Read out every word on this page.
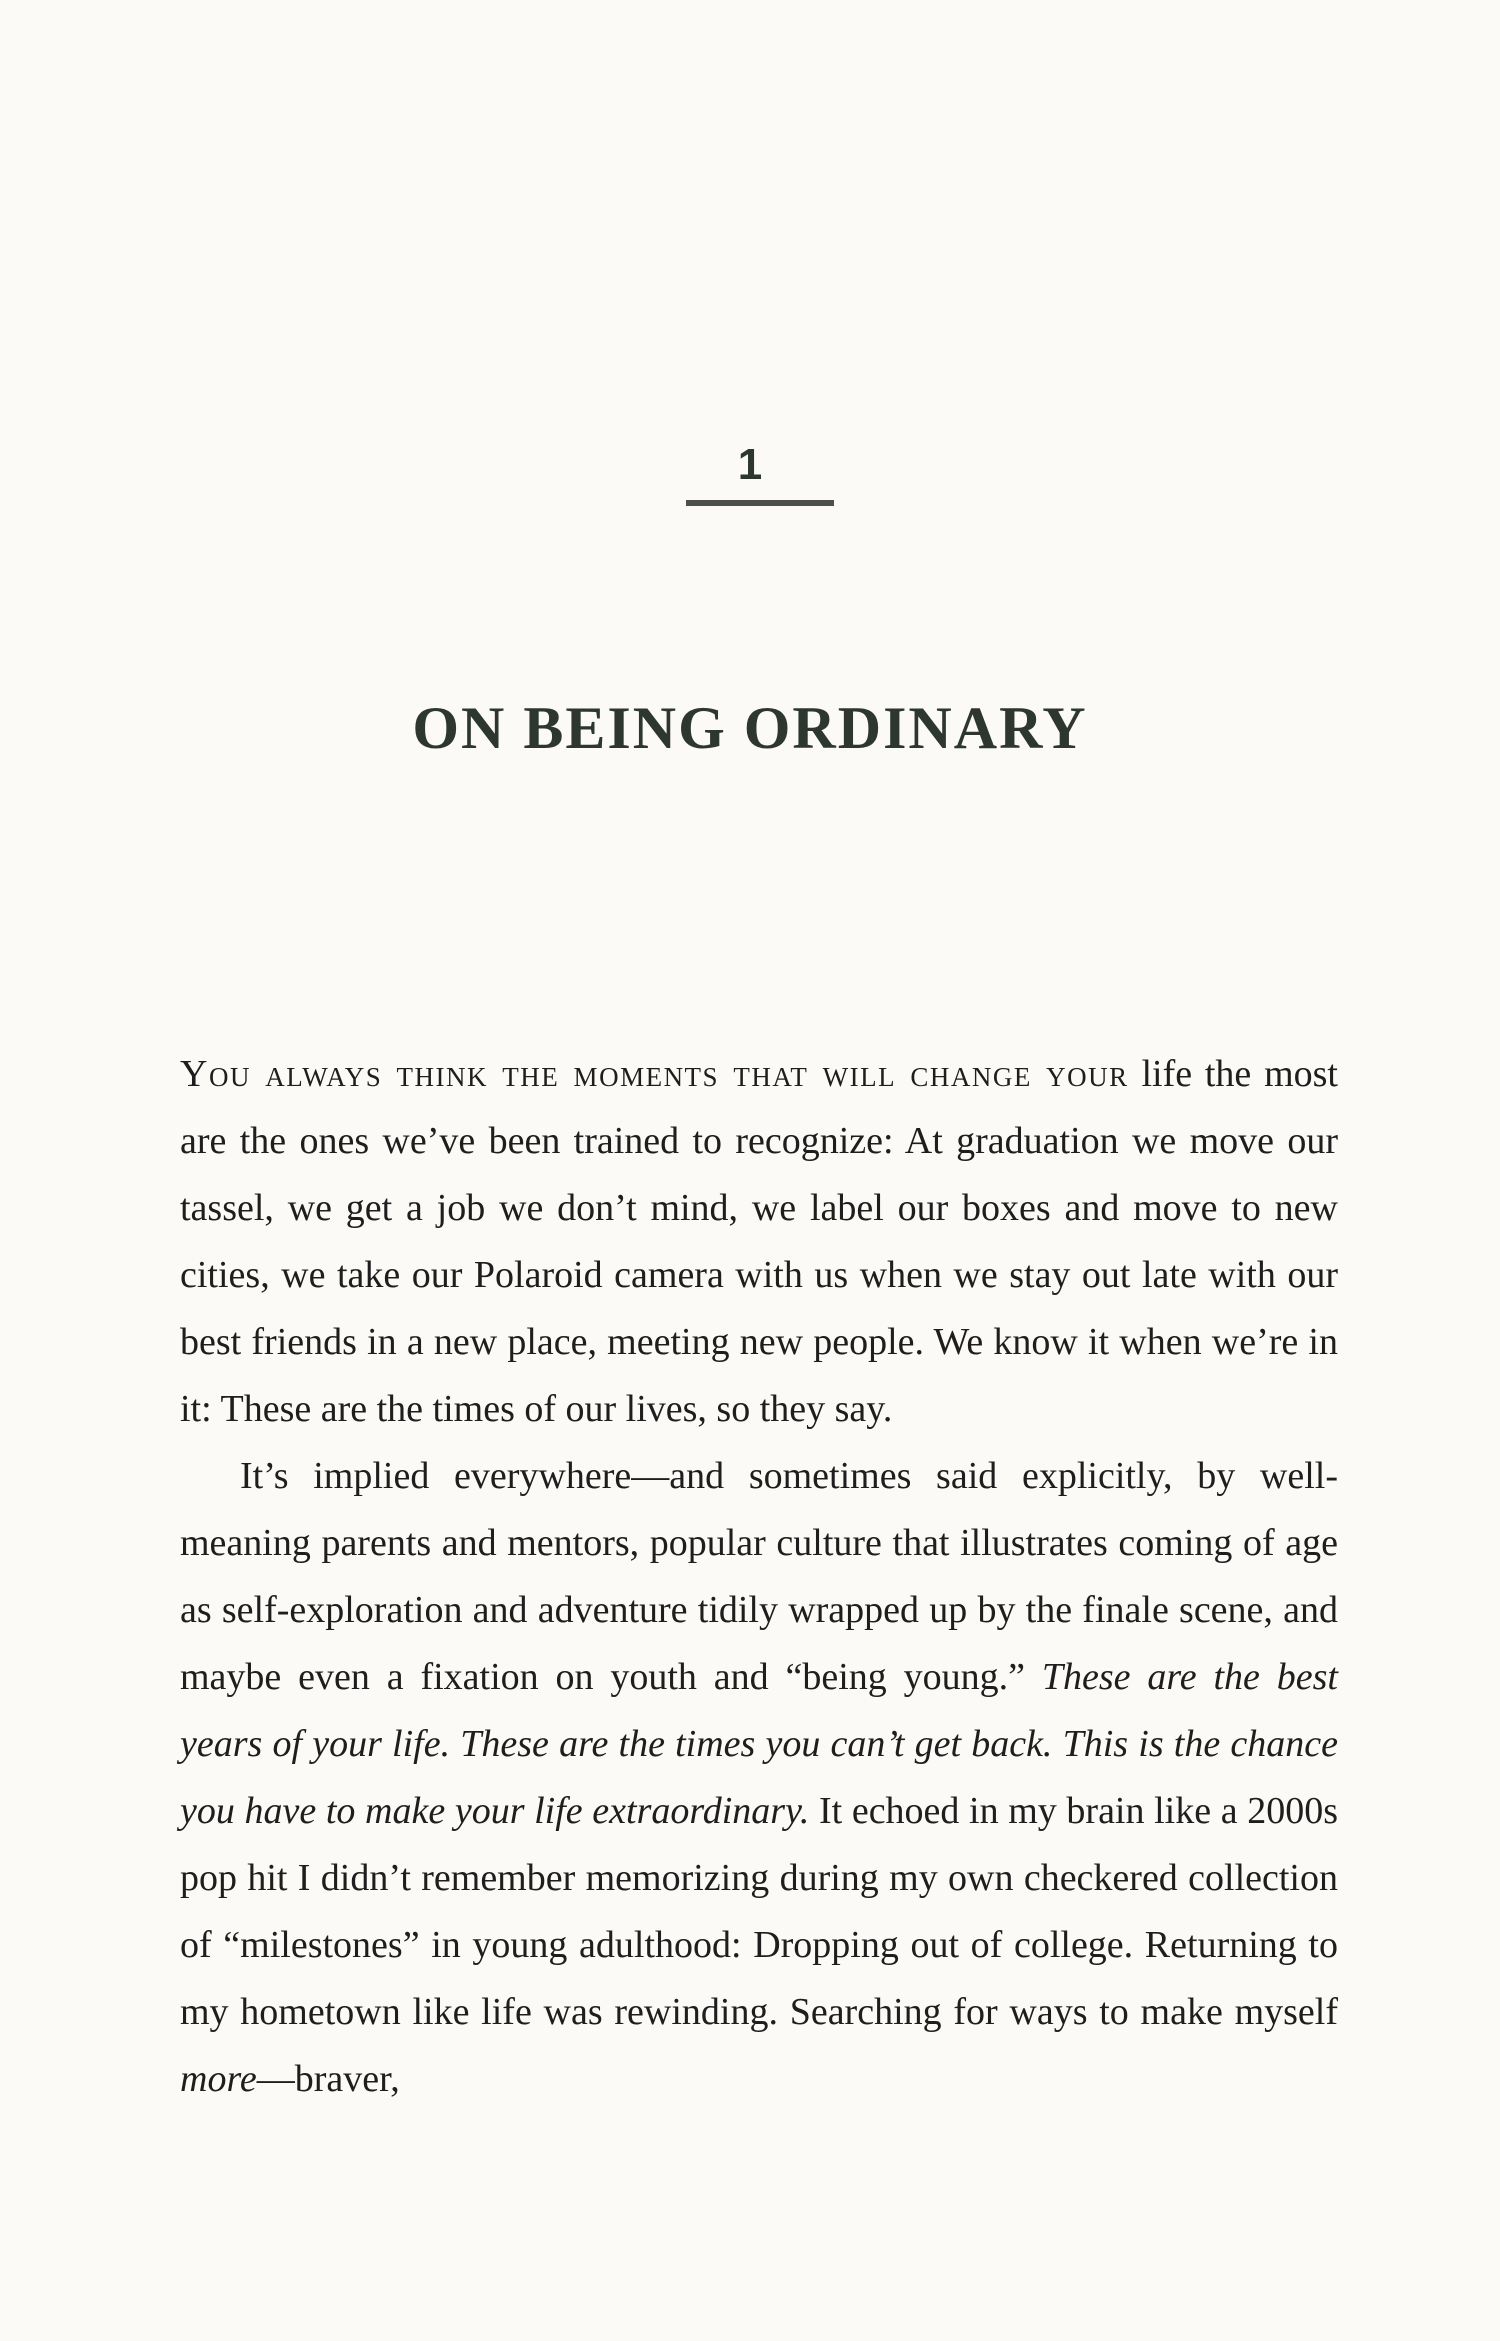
1
ON BEING ORDINARY

You always think the moments that will change your life the most are the ones we’ve been trained to recognize: At graduation we move our tassel, we get a job we don’t mind, we label our boxes and move to new cities, we take our Polaroid camera with us when we stay out late with our best friends in a new place, meeting new people. We know it when we’re in it: These are the times of our lives, so they say.

It’s implied everywhere—and sometimes said explicitly, by well-meaning parents and mentors, popular culture that illustrates coming of age as self-exploration and adventure tidily wrapped up by the finale scene, and maybe even a fixation on youth and “being young.” These are the best years of your life. These are the times you can’t get back. This is the chance you have to make your life extraordinary. It echoed in my brain like a 2000s pop hit I didn’t remember memorizing during my own checkered collection of “milestones” in young adulthood: Dropping out of college. Returning to my hometown like life was rewinding. Searching for ways to make myself more—braver,
